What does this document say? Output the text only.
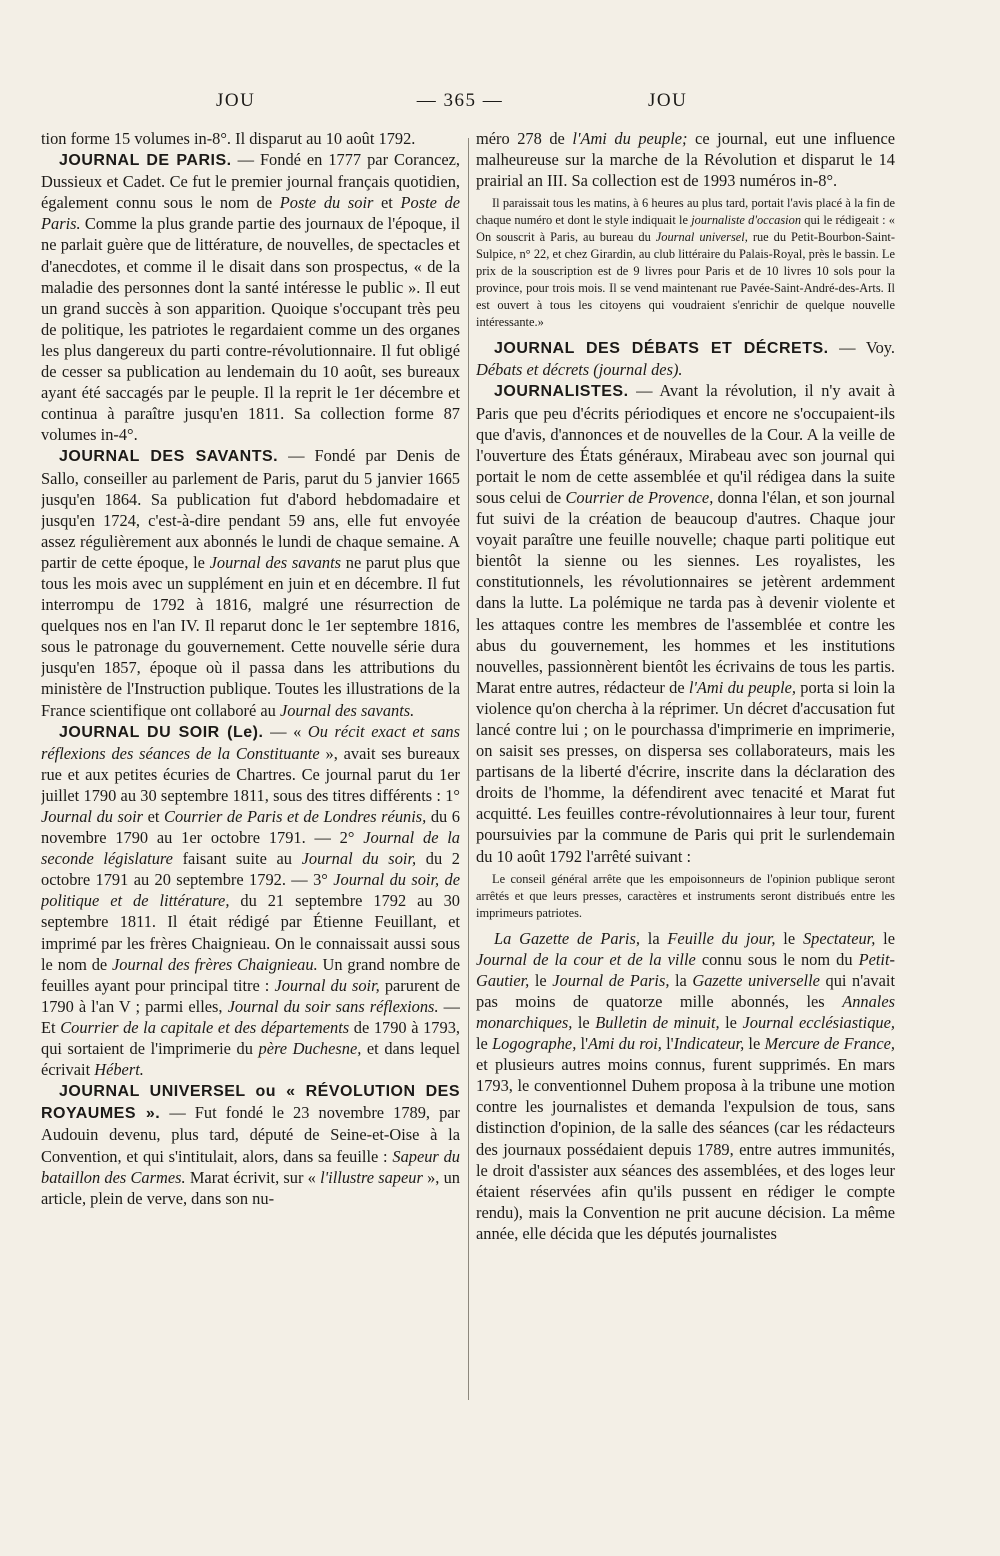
JOU	— 365 —	JOU

tion forme 15 volumes in-8°. Il disparut au 10 août 1792.

JOURNAL DE PARIS. — Fondé en 1777 par Corancez, Dussieux et Cadet. Ce fut le premier journal français quotidien, également connu sous le nom de Poste du soir et Poste de Paris. Comme la plus grande partie des journaux de l'époque, il ne parlait guère que de littérature, de nouvelles, de spectacles et d'anecdotes, et comme il le disait dans son prospectus, « de la maladie des personnes dont la santé intéresse le public ». Il eut un grand succès à son apparition. Quoique s'occupant très peu de politique, les patriotes le regardaient comme un des organes les plus dangereux du parti contre-révolutionnaire. Il fut obligé de cesser sa publication au lendemain du 10 août, ses bureaux ayant été saccagés par le peuple. Il la reprit le 1er décembre et continua à paraître jusqu'en 1811. Sa collection forme 87 volumes in-4°.

JOURNAL DES SAVANTS. — Fondé par Denis de Sallo, conseiller au parlement de Paris, parut du 5 janvier 1665 jusqu'en 1864. Sa publication fut d'abord hebdomadaire et jusqu'en 1724, c'est-à-dire pendant 59 ans, elle fut envoyée assez régulièrement aux abonnés le lundi de chaque semaine. A partir de cette époque, le Journal des savants ne parut plus que tous les mois avec un supplément en juin et en décembre. Il fut interrompu de 1792 à 1816, malgré une résurrection de quelques nos en l'an IV. Il reparut donc le 1er septembre 1816, sous le patronage du gouvernement. Cette nouvelle série dura jusqu'en 1857, époque où il passa dans les attributions du ministère de l'Instruction publique. Toutes les illustrations de la France scientifique ont collaboré au Journal des savants.

JOURNAL DU SOIR (Le). — « Ou récit exact et sans réflexions des séances de la Constituante », avait ses bureaux rue et aux petites écuries de Chartres. Ce journal parut du 1er juillet 1790 au 30 septembre 1811, sous des titres différents : 1° Journal du soir et Courrier de Paris et de Londres réunis, du 6 novembre 1790 au 1er octobre 1791. — 2° Journal de la seconde législature faisant suite au Journal du soir, du 2 octobre 1791 au 20 septembre 1792. — 3° Journal du soir, de politique et de littérature, du 21 septembre 1792 au 30 septembre 1811. Il était rédigé par Étienne Feuillant, et imprimé par les frères Chaignieau. On le connaissait aussi sous le nom de Journal des frères Chaignieau. Un grand nombre de feuilles ayant pour principal titre : Journal du soir, parurent de 1790 à l'an V ; parmi elles, Journal du soir sans réflexions. — Et Courrier de la capitale et des départements de 1790 à 1793, qui sortaient de l'imprimerie du père Duchesne, et dans lequel écrivait Hébert.

JOURNAL UNIVERSEL ou « RÉVOLUTION DES ROYAUMES ». — Fut fondé le 23 novembre 1789, par Audouin devenu, plus tard, député de Seine-et-Oise à la Convention, et qui s'intitulait, alors, dans sa feuille : Sapeur du bataillon des Carmes. Marat écrivit, sur « l'illustre sapeur », un article, plein de verve, dans son nu-

méro 278 de l'Ami du peuple; ce journal, eut une influence malheureuse sur la marche de la Révolution et disparut le 14 prairial an III. Sa collection est de 1993 numéros in-8°.

Il paraissait tous les matins, à 6 heures au plus tard, portait l'avis placé à la fin de chaque numéro et dont le style indiquait le journaliste d'occasion qui le rédigeait : « On souscrit à Paris, au bureau du Journal universel, rue du Petit-Bourbon-Saint-Sulpice, n° 22, et chez Girardin, au club littéraire du Palais-Royal, près le bassin. Le prix de la souscription est de 9 livres pour Paris et de 10 livres 10 sols pour la province, pour trois mois. Il se vend maintenant rue Pavée-Saint-André-des-Arts. Il est ouvert à tous les citoyens qui voudraient s'enrichir de quelque nouvelle intéressante.»

JOURNAL DES DÉBATS ET DÉCRETS. — Voy. Débats et décrets (journal des).

JOURNALISTES. — Avant la révolution, il n'y avait à Paris que peu d'écrits périodiques et encore ne s'occupaient-ils que d'avis, d'annonces et de nouvelles de la Cour. A la veille de l'ouverture des États généraux, Mirabeau avec son journal qui portait le nom de cette assemblée et qu'il rédigea dans la suite sous celui de Courrier de Provence, donna l'élan, et son journal fut suivi de la création de beaucoup d'autres. Chaque jour voyait paraître une feuille nouvelle; chaque parti politique eut bientôt la sienne ou les siennes. Les royalistes, les constitutionnels, les révolutionnaires se jetèrent ardemment dans la lutte. La polémique ne tarda pas à devenir violente et les attaques contre les membres de l'assemblée et contre les abus du gouvernement, les hommes et les institutions nouvelles, passionnèrent bientôt les écrivains de tous les partis. Marat entre autres, rédacteur de l'Ami du peuple, porta si loin la violence qu'on chercha à la réprimer. Un décret d'accusation fut lancé contre lui ; on le pourchassa d'imprimerie en imprimerie, on saisit ses presses, on dispersa ses collaborateurs, mais les partisans de la liberté d'écrire, inscrite dans la déclaration des droits de l'homme, la défendirent avec tenacité et Marat fut acquitté. Les feuilles contre-révolutionnaires à leur tour, furent poursuivies par la commune de Paris qui prit le surlendemain du 10 août 1792 l'arrêté suivant :

Le conseil général arrête que les empoisonneurs de l'opinion publique seront arrêtés et que leurs presses, caractères et instruments seront distribués entre les imprimeurs patriotes.

La Gazette de Paris, la Feuille du jour, le Spectateur, le Journal de la cour et de la ville connu sous le nom du Petit-Gautier, le Journal de Paris, la Gazette universelle qui n'avait pas moins de quatorze mille abonnés, les Annales monarchiques, le Bulletin de minuit, le Journal ecclésiastique, le Logographe, l'Ami du roi, l'Indicateur, le Mercure de France, et plusieurs autres moins connus, furent supprimés. En mars 1793, le conventionnel Duhem proposa à la tribune une motion contre les journalistes et demanda l'expulsion de tous, sans distinction d'opinion, de la salle des séances (car les rédacteurs des journaux possédaient depuis 1789, entre autres immunités, le droit d'assister aux séances des assemblées, et des loges leur étaient réservées afin qu'ils pussent en rédiger le compte rendu), mais la Convention ne prit aucune décision. La même année, elle décida que les députés journalistes
